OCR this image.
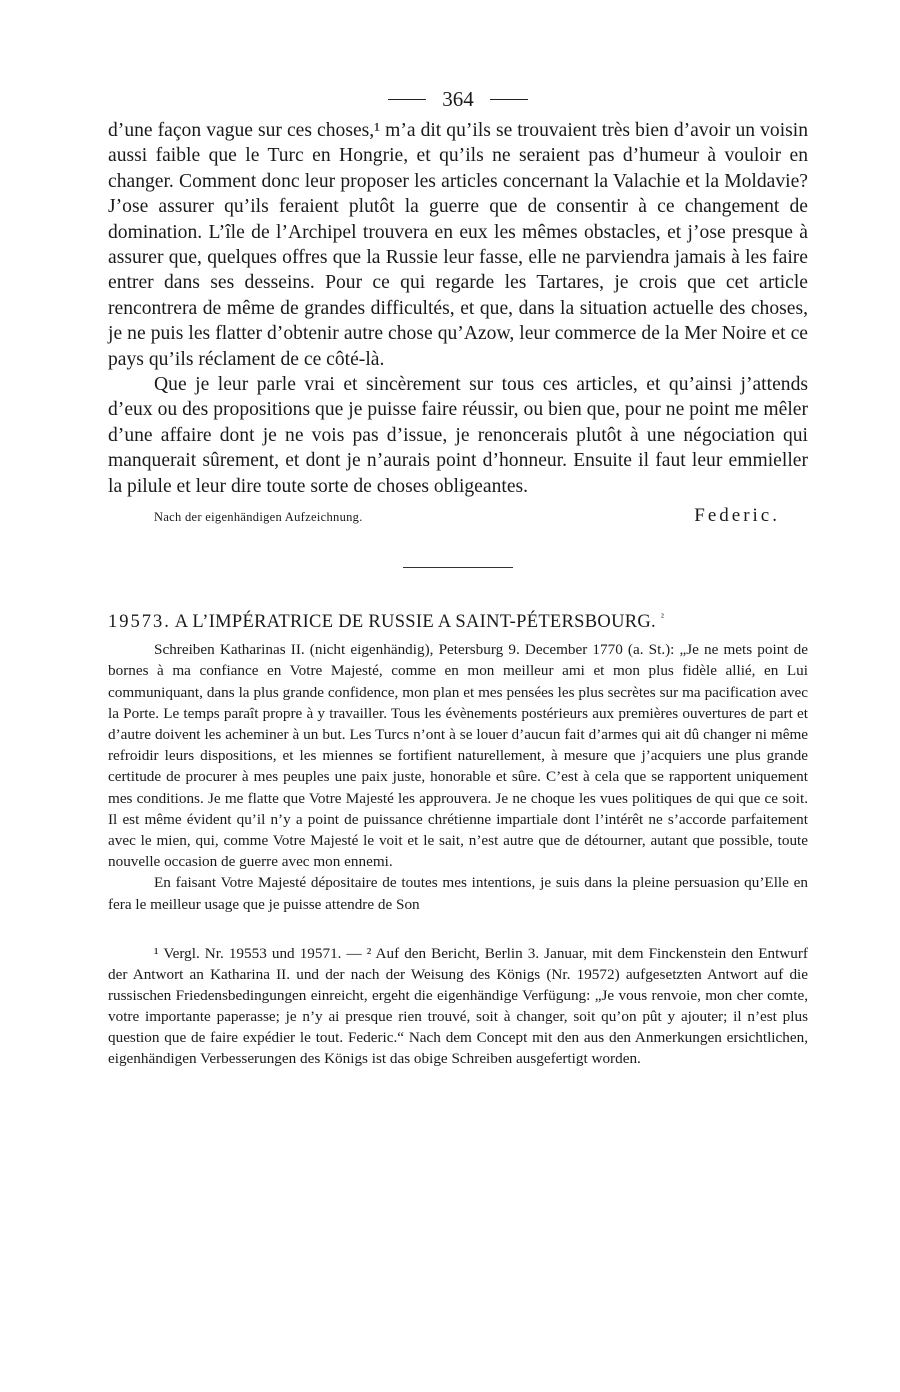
364

d’une façon vague sur ces choses,¹ m’a dit qu’ils se trouvaient très bien d’avoir un voisin aussi faible que le Turc en Hongrie, et qu’ils ne seraient pas d’humeur à vouloir en changer. Comment donc leur proposer les articles concernant la Valachie et la Moldavie? J’ose assurer qu’ils feraient plutôt la guerre que de consentir à ce changement de domination. L’île de l’Archipel trouvera en eux les mêmes obstacles, et j’ose presque à assurer que, quelques offres que la Russie leur fasse, elle ne parviendra jamais à les faire entrer dans ses desseins. Pour ce qui regarde les Tartares, je crois que cet article rencontrera de même de grandes difficultés, et que, dans la situation actuelle des choses, je ne puis les flatter d’obtenir autre chose qu’Azow, leur commerce de la Mer Noire et ce pays qu’ils réclament de ce côté-là.

Que je leur parle vrai et sincèrement sur tous ces articles, et qu’ainsi j’attends d’eux ou des propositions que je puisse faire réussir, ou bien que, pour ne point me mêler d’une affaire dont je ne vois pas d’issue, je renoncerais plutôt à une négociation qui manquerait sûrement, et dont je n’aurais point d’honneur. Ensuite il faut leur emmieller la pilule et leur dire toute sorte de choses obligeantes.

Nach der eigenhändigen Aufzeichnung.	Federic.
19573. A L’IMPÉRATRICE DE RUSSIE A SAINT-PÉTERSBOURG. $^{^2}$

Schreiben Katharinas II. (nicht eigenhändig), Petersburg 9. December 1770 (a. St.): „Je ne mets point de bornes à ma confiance en Votre Majesté, comme en mon meilleur ami et mon plus fidèle allié, en Lui communiquant, dans la plus grande confidence, mon plan et mes pensées les plus secrètes sur ma pacification avec la Porte. Le temps paraît propre à y travailler. Tous les évènements postérieurs aux premières ouvertures de part et d’autre doivent les acheminer à un but. Les Turcs n’ont à se louer d’aucun fait d’armes qui ait dû changer ni même refroidir leurs dispositions, et les miennes se fortifient naturellement, à mesure que j’acquiers une plus grande certitude de procurer à mes peuples une paix juste, honorable et sûre. C’est à cela que se rapportent uniquement mes conditions. Je me flatte que Votre Majesté les approuvera. Je ne choque les vues politiques de qui que ce soit. Il est même évident qu’il n’y a point de puissance chrétienne impartiale dont l’intérêt ne s’accorde parfaitement avec le mien, qui, comme Votre Majesté le voit et le sait, n’est autre que de détourner, autant que possible, toute nouvelle occasion de guerre avec mon ennemi.

En faisant Votre Majesté dépositaire de toutes mes intentions, je suis dans la pleine persuasion qu’Elle en fera le meilleur usage que je puisse attendre de Son

¹ Vergl. Nr. 19553 und 19571. — ² Auf den Bericht, Berlin 3. Januar, mit dem Finckenstein den Entwurf der Antwort an Katharina II. und der nach der Weisung des Königs (Nr. 19572) aufgesetzten Antwort auf die russischen Friedensbedingungen einreicht, ergeht die eigenhändige Verfügung: „Je vous renvoie, mon cher comte, votre importante paperasse; je n’y ai presque rien trouvé, soit à changer, soit qu’on pût y ajouter; il n’est plus question que de faire expédier le tout. Federic.“ Nach dem Concept mit den aus den Anmerkungen ersichtlichen, eigenhändigen Verbesserungen des Königs ist das obige Schreiben ausgefertigt worden.
